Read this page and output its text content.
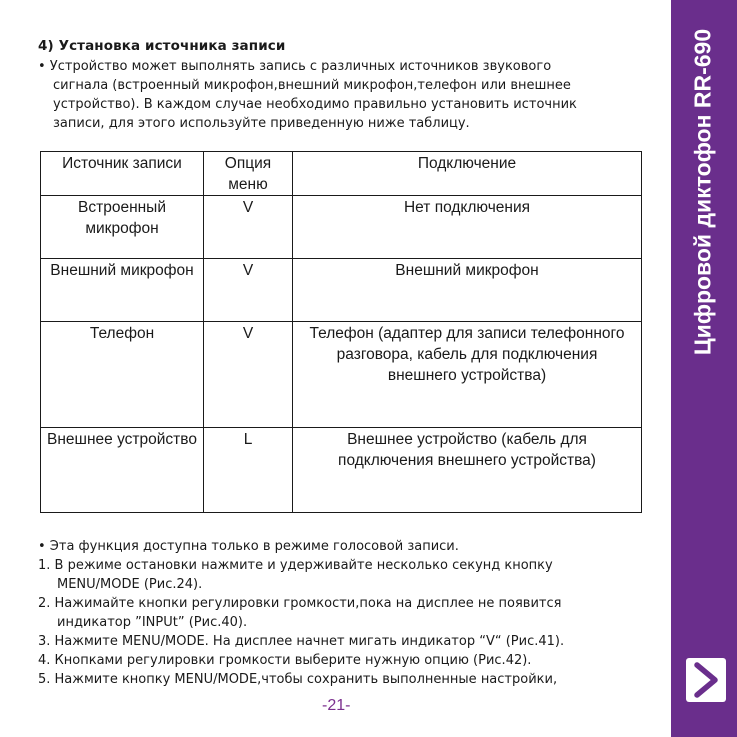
4) Установка источника записи
• Устройство может выполнять запись с различных источников звукового
сигнала (встроенный микрофон,внешний микрофон,телефон или внешнее
устройство). В каждом случае необходимо правильно установить источник
записи, для этого используйте приведенную ниже таблицу.
Источник записи	Опция меню	Подключение
Встроенный микрофон	V	Нет подключения
Внешний микрофон	V	Внешний микрофон
Телефон	V	Телефон (адаптер для записи телефонного разговора, кабель для подключения внешнего устройства)
Внешнее устройство	L	Внешнее устройство (кабель для подключения внешнего устройства)
• Эта функция доступна только в режиме голосовой записи.
1. В режиме остановки нажмите и удерживайте несколько секунд кнопку
MENU/MODE (Рис.24).
2. Нажимайте кнопки регулировки громкости,пока на дисплее не появится
индикатор ”INPUt” (Рис.40).
3. Нажмите MENU/MODE. На дисплее начнет мигать индикатор “V“ (Рис.41).
4. Кнопками регулировки громкости выберите нужную опцию (Рис.42).
5. Нажмите кнопку MENU/MODE,чтобы сохранить выполненные настройки,
-21-
Цифровой диктофон RR-690
